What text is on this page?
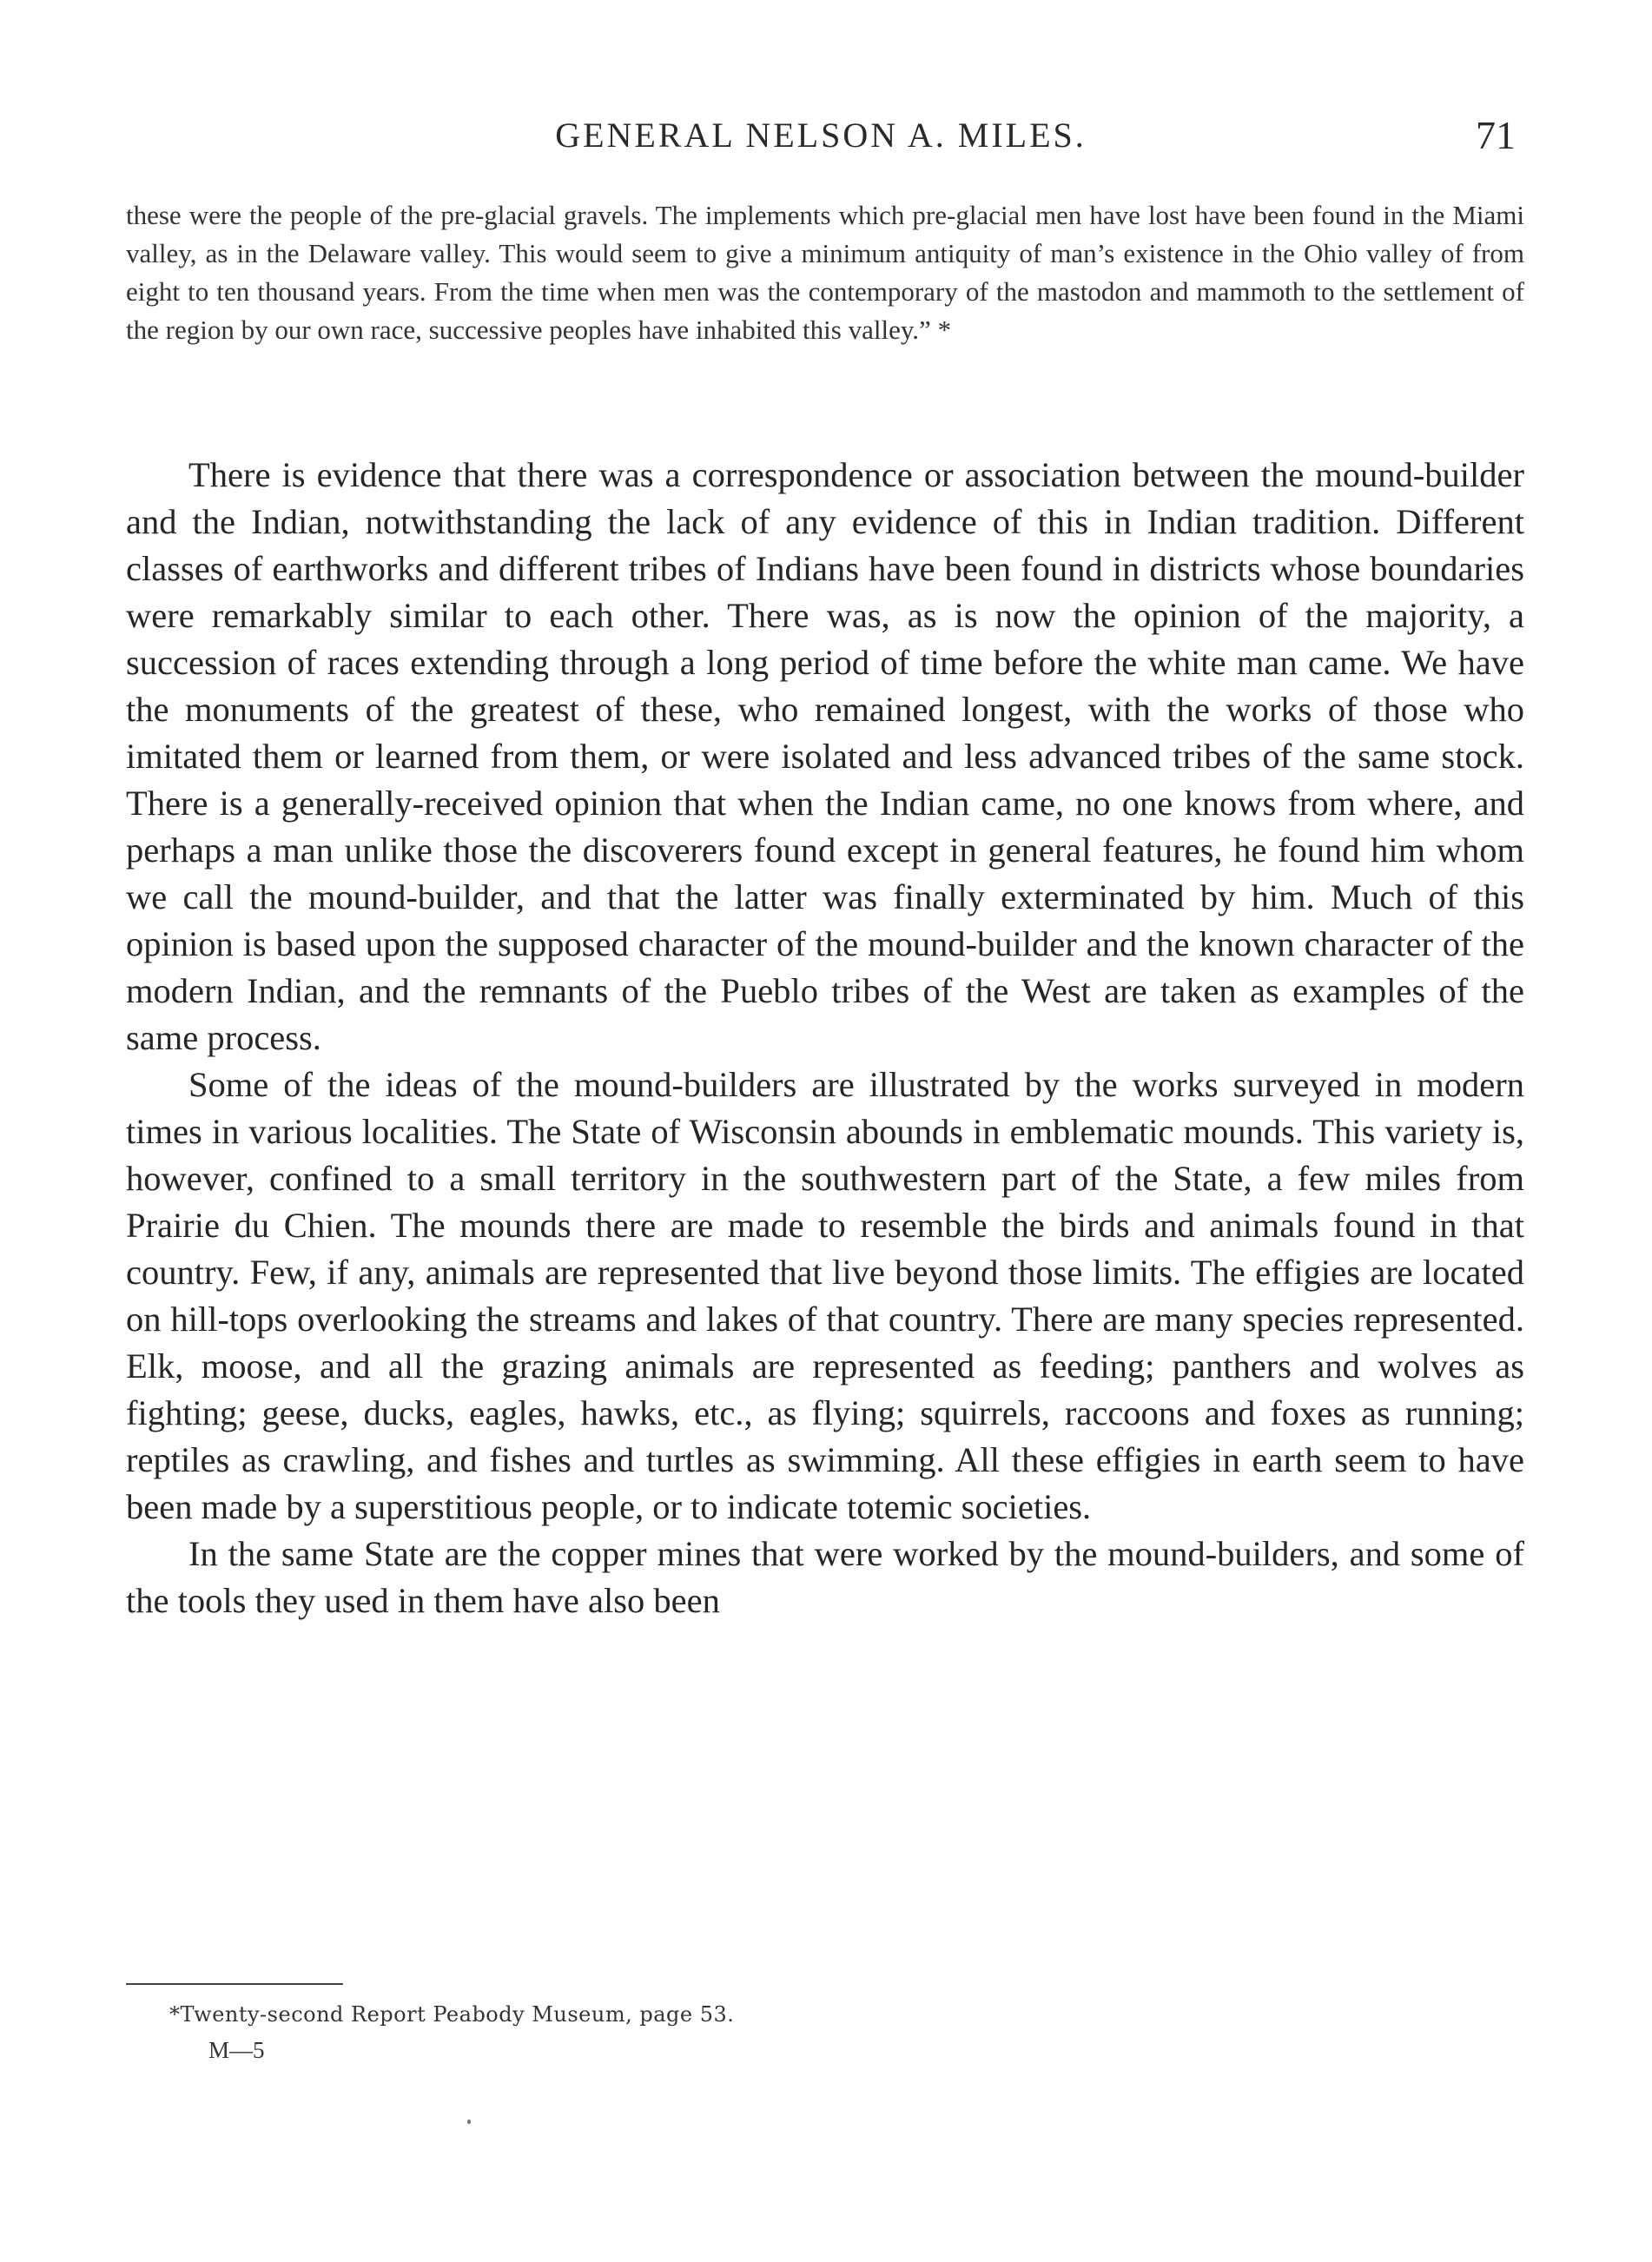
GENERAL NELSON A. MILES.	71

these were the people of the pre-glacial gravels. The implements which pre-glacial men have lost have been found in the Miami valley, as in the Delaware valley. This would seem to give a minimum antiquity of man’s existence in the Ohio valley of from eight to ten thousand years. From the time when men was the contemporary of the mastodon and mammoth to the settlement of the region by our own race, successive peoples have inhabited this valley.” *

There is evidence that there was a correspondence or association between the mound-builder and the Indian, notwithstanding the lack of any evidence of this in Indian tradition. Different classes of earthworks and different tribes of Indians have been found in districts whose boundaries were remarkably similar to each other. There was, as is now the opinion of the majority, a succession of races extending through a long period of time before the white man came. We have the monuments of the greatest of these, who remained longest, with the works of those who imitated them or learned from them, or were isolated and less advanced tribes of the same stock. There is a generally-received opinion that when the Indian came, no one knows from where, and perhaps a man unlike those the discoverers found except in general features, he found him whom we call the mound-builder, and that the latter was finally exterminated by him. Much of this opinion is based upon the supposed character of the mound-builder and the known character of the modern Indian, and the remnants of the Pueblo tribes of the West are taken as examples of the same process.

Some of the ideas of the mound-builders are illustrated by the works surveyed in modern times in various localities. The State of Wisconsin abounds in emblematic mounds. This variety is, however, confined to a small territory in the southwestern part of the State, a few miles from Prairie du Chien. The mounds there are made to resemble the birds and animals found in that country. Few, if any, animals are represented that live beyond those limits. The effigies are located on hill-tops overlooking the streams and lakes of that country. There are many species represented. Elk, moose, and all the grazing animals are represented as feeding; panthers and wolves as fighting; geese, ducks, eagles, hawks, etc., as flying; squirrels, raccoons and foxes as running; reptiles as crawling, and fishes and turtles as swimming. All these effigies in earth seem to have been made by a superstitious people, or to indicate totemic societies.

In the same State are the copper mines that were worked by the mound-builders, and some of the tools they used in them have also been

*Twenty-second Report Peabody Museum, page 53.
M—5
